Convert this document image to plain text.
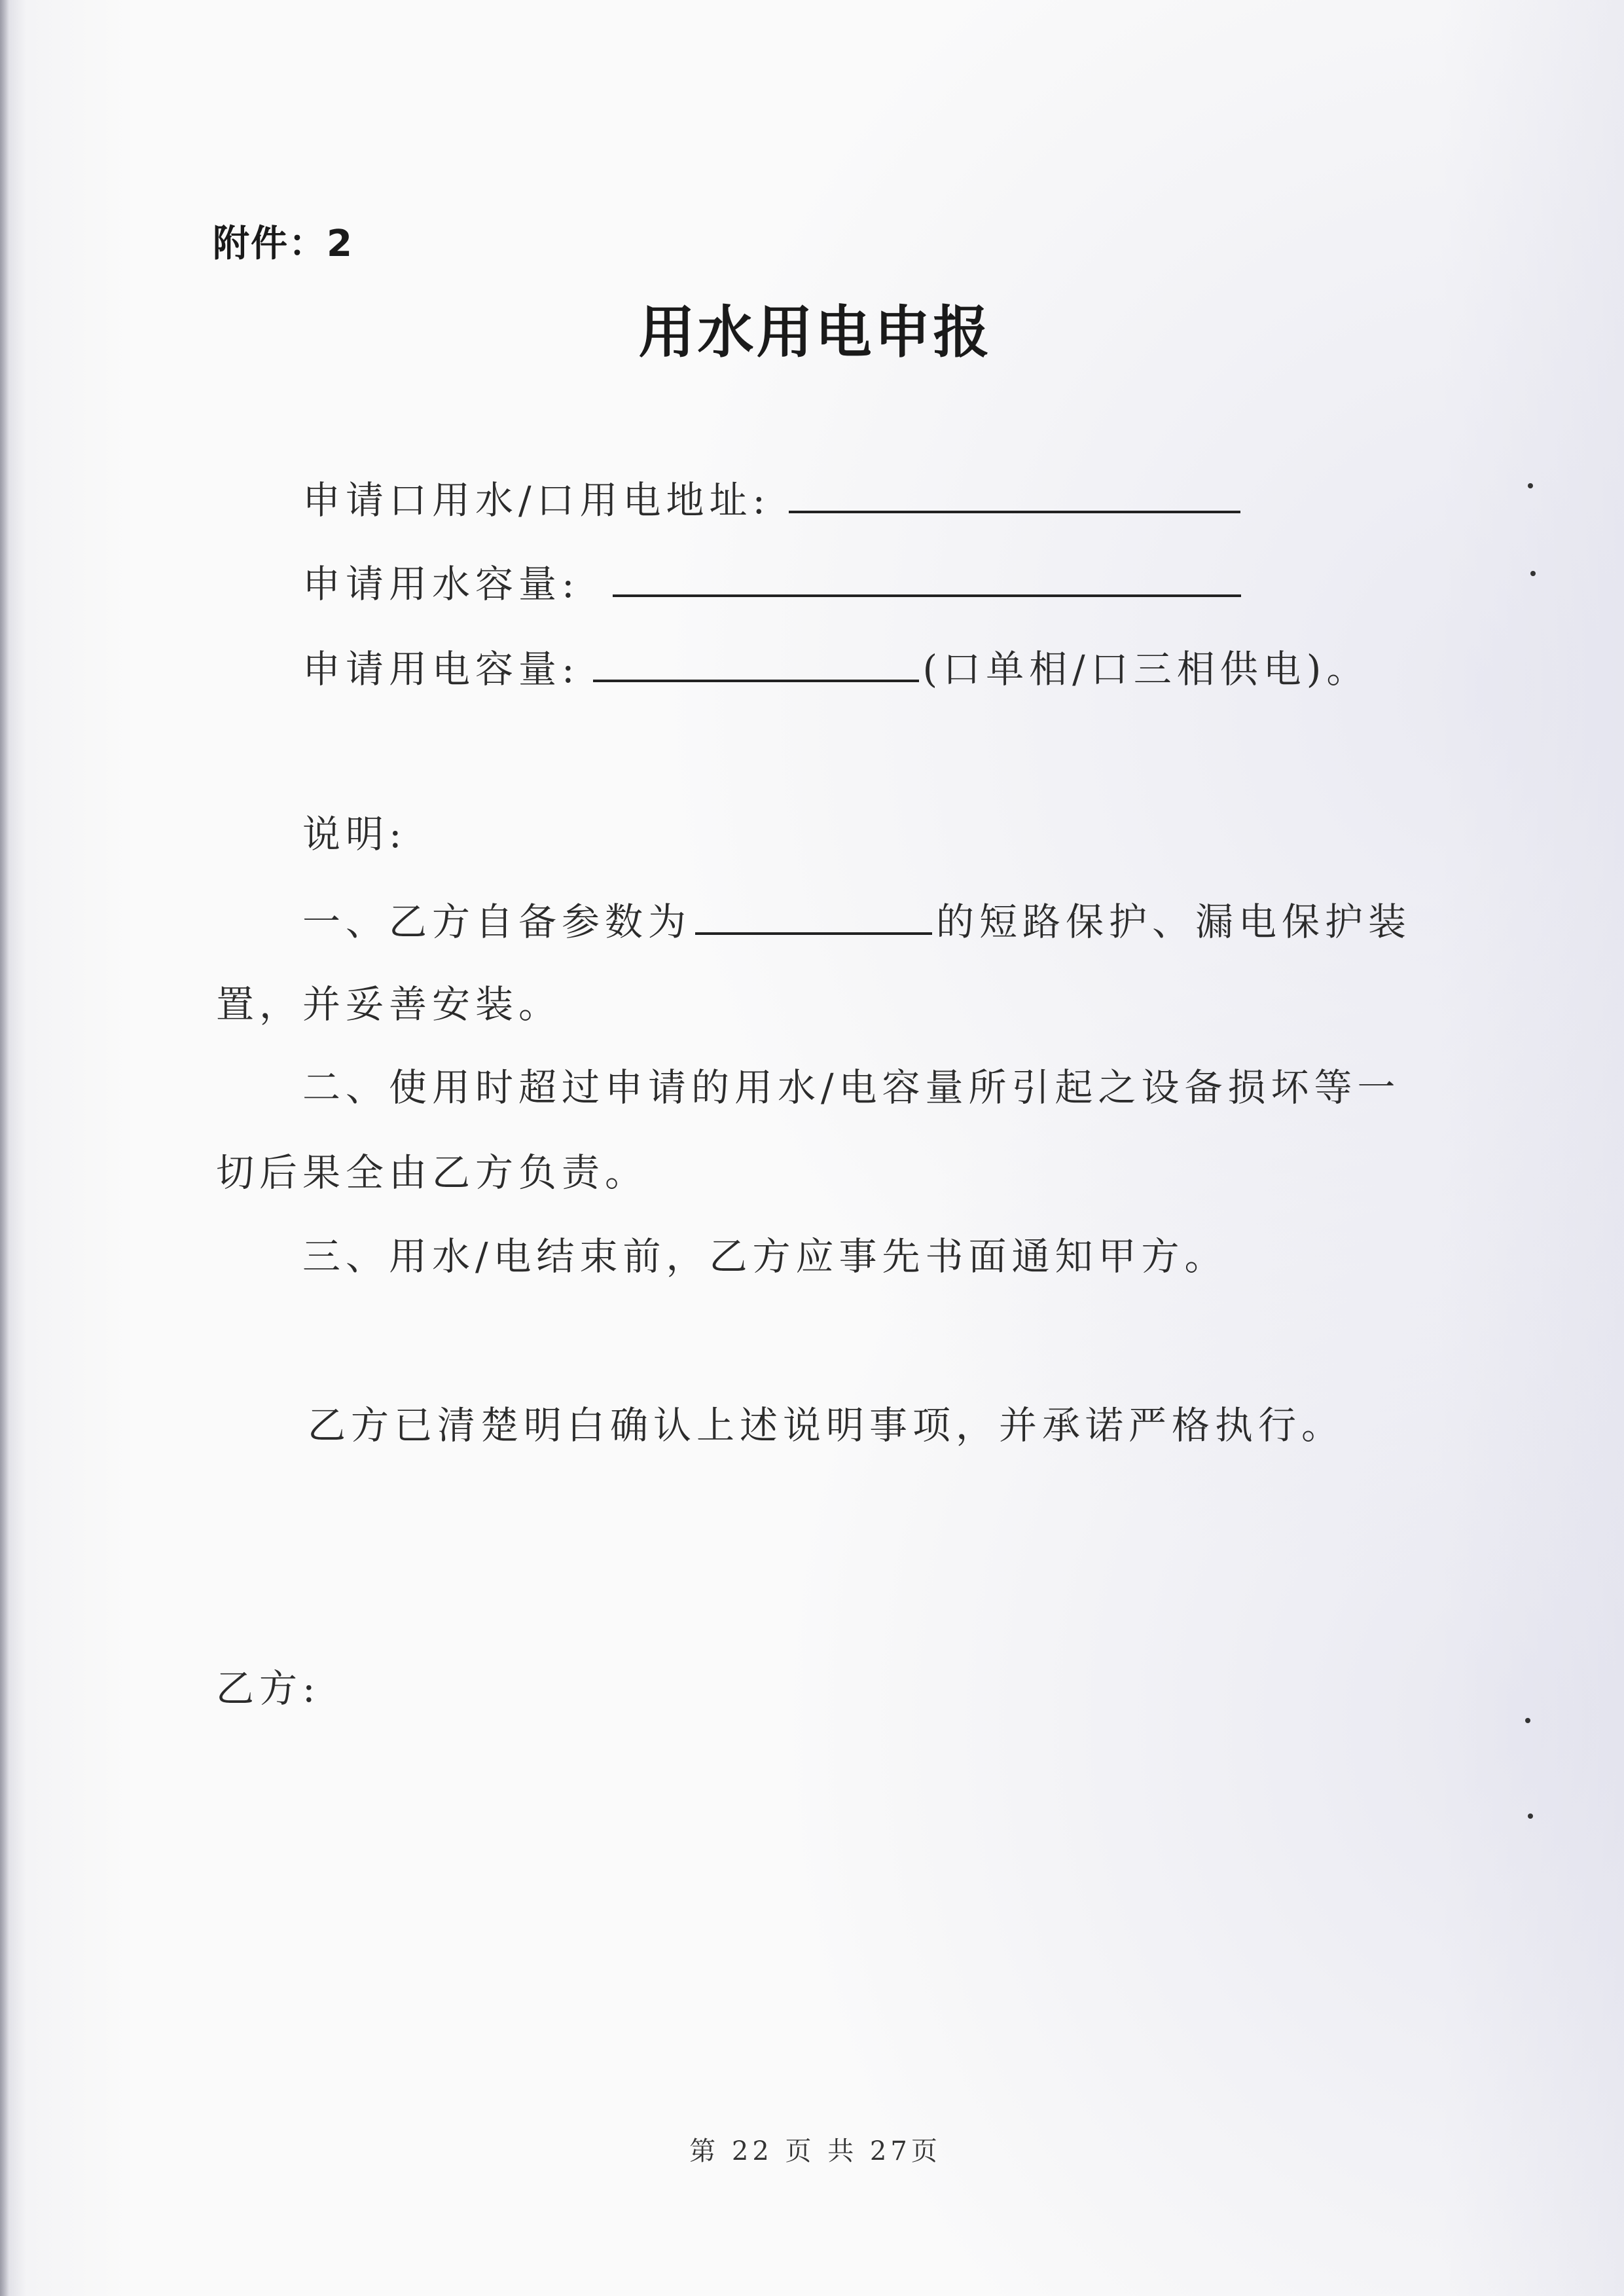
附件：2
用水用电申报
申请口用水/口用电地址:
申请用水容量:
申请用电容量:	(口单相/口三相供电)。
说明:
一、乙方自备参数为	的短路保护、漏电保护装
置，并妥善安装。
二、使用时超过申请的用水/电容量所引起之设备损坏等一
切后果全由乙方负责。
三、用水/电结束前，乙方应事先书面通知甲方。
乙方已清楚明白确认上述说明事项，并承诺严格执行。
乙方:
第 22 页 共 27页
